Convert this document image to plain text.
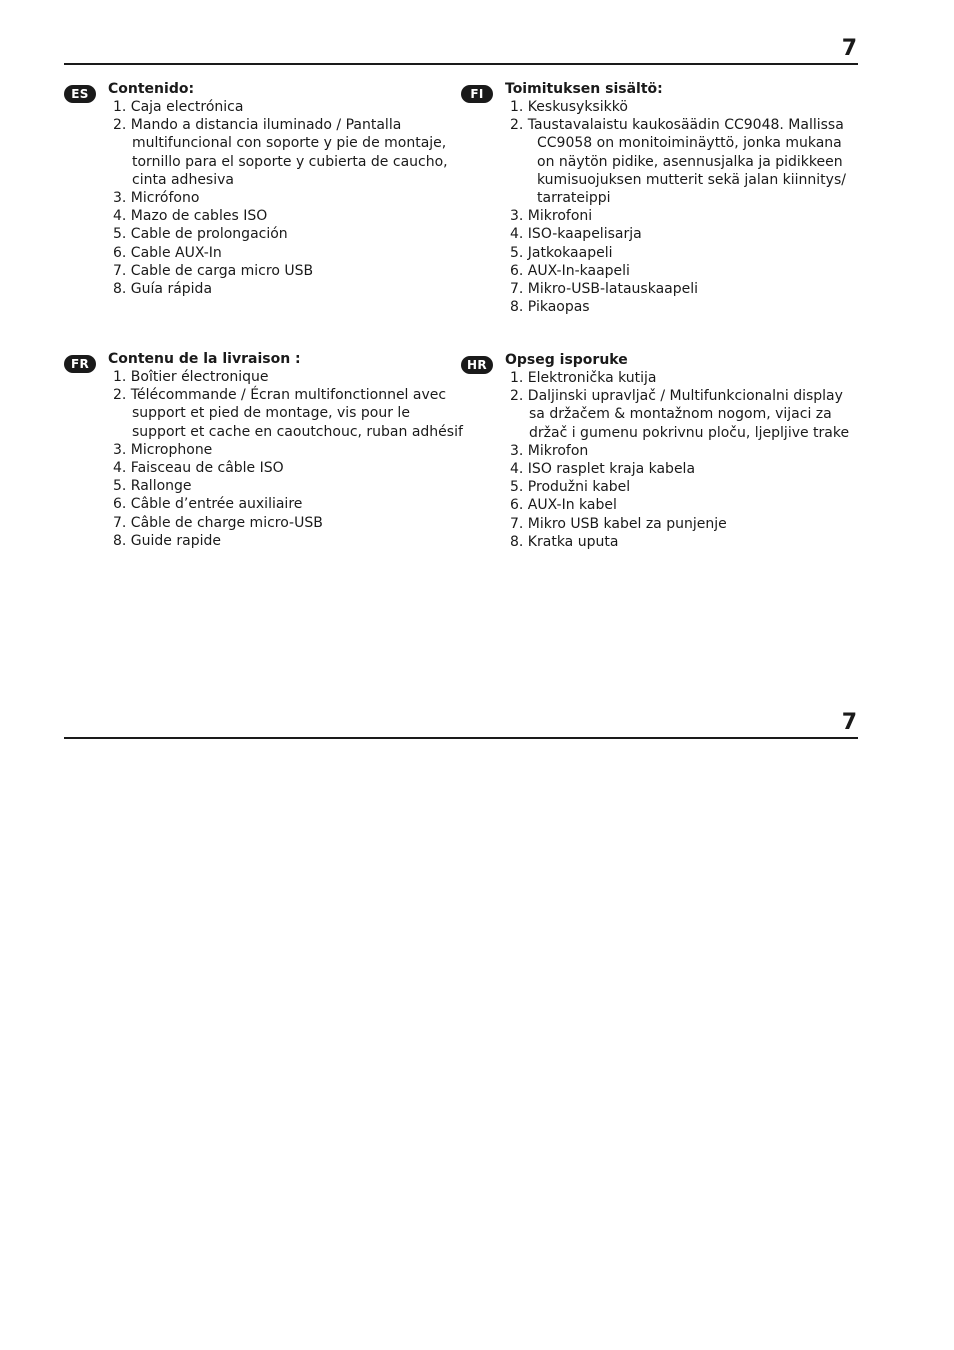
7
ES	Contenido:
1. Caja electrónica
2. Mando a distancia iluminado / Pantalla
multifuncional con soporte y pie de montaje,
tornillo para el soporte y cubierta de caucho,
cinta adhesiva
3. Micrófono
4. Mazo de cables ISO
5. Cable de prolongación
6. Cable AUX-In
7. Cable de carga micro USB
8. Guía rápida
FI	Toimituksen sisältö:
1. Keskusyksikkö
2. Taustavalaistu kaukosäädin CC9048. Mallissa
CC9058 on monitoiminäyttö, jonka mukana
on näytön pidike, asennusjalka ja pidikkeen
kumisuojuksen mutterit sekä jalan kiinnitys/
tarrateippi
3. Mikrofoni
4. ISO-kaapelisarja
5. Jatkokaapeli
6. AUX-In-kaapeli
7. Mikro-USB-latauskaapeli
8. Pikaopas
FR	Contenu de la livraison :
1. Boîtier électronique
2. Télécommande / Écran multifonctionnel avec
support et pied de montage, vis pour le
support et cache en caoutchouc, ruban adhésif
3. Microphone
4. Faisceau de câble ISO
5. Rallonge
6. Câble d’entrée auxiliaire
7. Câble de charge micro-USB
8. Guide rapide
HR	Opseg isporuke
1. Elektronička kutija
2. Daljinski upravljač / Multifunkcionalni display
sa držačem & montažnom nogom, vijaci za
držač i gumenu pokrivnu ploču, ljepljive trake
3. Mikrofon
4. ISO rasplet kraja kabela
5. Produžni kabel
6. AUX-In kabel
7. Mikro USB kabel za punjenje
8. Kratka uputa
7
